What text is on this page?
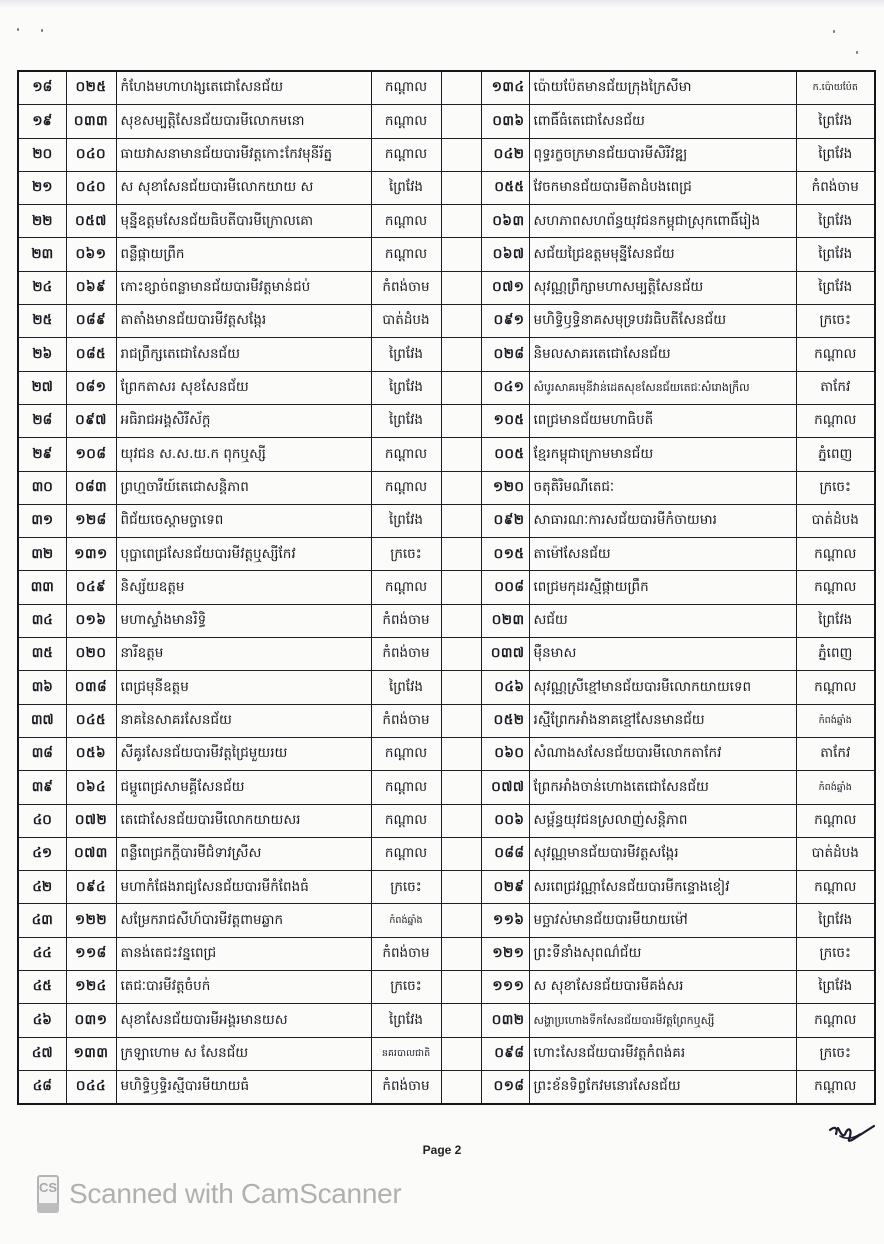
១៨	០២៥	កំហែងមហាហង្សតេជោសែនជ័យ	កណ្តាល		១៣៤	ប៉ោយប៉ែតមានជ័យក្រុងក្រៃសីមា	ក.ប៉ោយប៉ែត
១៩	០៣៣	សុខសម្បត្តិសែនជ័យបារមីលោកមនោ	កណ្តាល		០៣៦	ពោធិ៍ធំតេជោសែនជ័យ	ព្រៃវែង
២០	០៤០	ធាយវាសនាមានជ័យបារមីវត្តកោះកែវមុនីរ័ត្ន	កណ្តាល		០៤២	ពុទ្ធរក្ខចក្រមានជ័យបារមីសិរីវឌ្ឍ	ព្រៃវែង
២១	០៤០	ស សុខាសែនជ័យបារមីលោកយាយ ស	ព្រៃវែង		០៥៥	វែចកមានជ័យបារមីតាដំបងពេជ្រ	កំពង់ចាម
២២	០៥៧	មុន្នីឧត្តមសែនជ័យធិបតីបារមីក្រោលគោ	កណ្តាល		០៦៣	សហភាពសហព័ន្ធយុវជនកម្ពុជាស្រុកពោធិ៍រៀង	ព្រៃវែង
២៣	០៦១	ពន្លឺផ្កាយព្រឹក	កណ្តាល		០៦៧	សជ័យជ្រៃឧត្តមមុន្នីសែនជ័យ	ព្រៃវែង
២៤	០៦៩	កោះខ្សាច់ពន្លាមានជ័យបារមីវត្តមាន់ជប់	កំពង់ចាម		០៧១	សុវណ្ណព្រឹក្សាមហាសម្បត្តិសែនជ័យ	ព្រៃវែង
២៥	០៨៩	តាតាំងមានជ័យបារមីវត្តសង្កែរ	បាត់ដំបង		០៩១	មហិទ្ធិឫទ្ធិនាគសមុទ្របវរធិបតីសែនជ័យ	ក្រចេះ
២៦	០៨៥	រាជព្រឹក្សតេជោសែនជ័យ	ព្រៃវែង		០២៨	និមលសាគរតេជោសែនជ័យ	កណ្តាល
២៧	០៨១	ព្រែកតាសរ សុខសែនជ័យ	ព្រៃវែង		០៤១	សំបូរសាគរមុនីវាន់ដេតសុខសែនជ័យតេជៈសំរោងក្រឹល	តាកែវ
២៨	០៩៧	អធិរាជអង្គសិរីស័ក្ត	ព្រៃវែង		១០៥	ពេជ្រមានជ័យមហាធិបតី	កណ្តាល
២៩	១០៨	យុវជន ស.ស.យ.ក ពុកឬស្សី	កណ្តាល		០០៥	ខ្មែរកម្ពុជាក្រោមមានជ័យ	ភ្នំពេញ
៣០	០៨៣	ព្រហ្មចារីយ៍តេជោសន្តិភាព	កណ្តាល		១២០	ចតុតិរិមណីតេជៈ	ក្រចេះ
៣១	១២៨	ពិជ័យចេស្តាមច្ចាទេព	ព្រៃវែង		០៩២	សាធារណៈការសជ័យបារមីកំចាយមារ	បាត់ដំបង
៣២	១៣១	បុប្ផាពេជ្រសែនជ័យបារមីវត្តឬស្សីកែវ	ក្រចេះ		០១៥	តាម៉ៅសែនជ័យ	កណ្តាល
៣៣	០៤៩	និស្ស័យឧត្តម	កណ្តាល		០០៨	ពេជ្រមកុដរស្មីផ្កាយព្រឹក	កណ្តាល
៣៤	០១៦	មហាស្ទាំងមានរិទ្ធិ	កំពង់ចាម		០២៣	សជ័យ	ព្រៃវែង
៣៥	០២០	នារីឧត្តម	កំពង់ចាម		០៣៧	ម៉ឺនមាស	ភ្នំពេញ
៣៦	០៣៨	ពេជ្រមុនីឧត្តម	ព្រៃវែង		០៤៦	សុវណ្ណស្រីខ្មៅមានជ័យបារមីលោកយាយទេព	កណ្តាល
៣៧	០៤៥	នាគនៃសាគរសែនជ័យ	កំពង់ចាម		០៥២	រស្មីព្រែកអាំងនាគខ្មៅសែនមានជ័យ	កំពង់ឆ្នាំង
៣៨	០៥៦	សីគូរសែនជ័យបារមីវត្តជ្រៃមួយរយ	កណ្តាល		០៦០	សំណាងសសែនជ័យបារមីលោកតាកែវ	តាកែវ
៣៩	០៦៤	ជម្ពូពេជ្រសាមគ្គីសែនជ័យ	កណ្តាល		០៧៧	ព្រែកអាំងចាន់ហោងតេជោសែនជ័យ	កំពង់ឆ្នាំង
៤០	០៧២	តេជោសែនជ័យបារមីលោកយាយសរ	កណ្តាល		០០៦	សម្ព័ន្ធយុវជនស្រលាញ់សន្តិភាព	កណ្តាល
៤១	០៧៣	ពន្លឺពេជ្រកក្តីបារមីជំទាវស្រីស	កណ្តាល		០៨៨	សុវណ្ណមានជ័យបារមីវត្តសង្កែរ	បាត់ដំបង
៤២	០៩៤	មហាកំផែងរាជ្យសែនជ័យបារមីកំពែងធំ	ក្រចេះ		០២៩	សរពេជ្រវណ្ណាសែនជ័យបារមីកន្ទោងខៀវ	កណ្តាល
៤៣	១២២	សម្រែករាជសីហ៍បារមីវត្តពាមឆ្លាក	កំពង់ឆ្នាំង		១១៦	មច្ឆាវស់មានជ័យបារមីយាយម៉ៅ	ព្រៃវែង
៤៤	១១៨	តានង់តេជះវន្នពេជ្រ	កំពង់ចាម		១២១	ព្រះទីនាំងសុពណ៌ជ័យ	ក្រចេះ
៤៥	១២៤	តេជៈបារមីវត្តចំបក់	ក្រចេះ		១១១	ស សុខាសែនជ័យបារមីគង់សរ	ព្រៃវែង
៤៦	០៣១	សុខាសែនជ័យបារមីអង្គរមានយស	ព្រៃវែង		០៣២	សង្ហាប្រហោងទឹកសែនជ័យបារមីវត្តព្រែកឬស្សី	កណ្តាល
៤៧	១៣៣	ក្រឡាហោម ស សែនជ័យ	នគរបាលជាតិ		០៩៨	ហោះសែនជ័យបារមីវត្តកំពង់គរ	ក្រចេះ
៤៨	០៤៤	មហិទ្ធិឫទ្ធិរស្មីបារមីយាយធំ	កំពង់ចាម		០១៨	ព្រះខ័នទិព្វកែវមនោរសែនជ័យ	កណ្តាល
Page 2
CS Scanned with CamScanner
